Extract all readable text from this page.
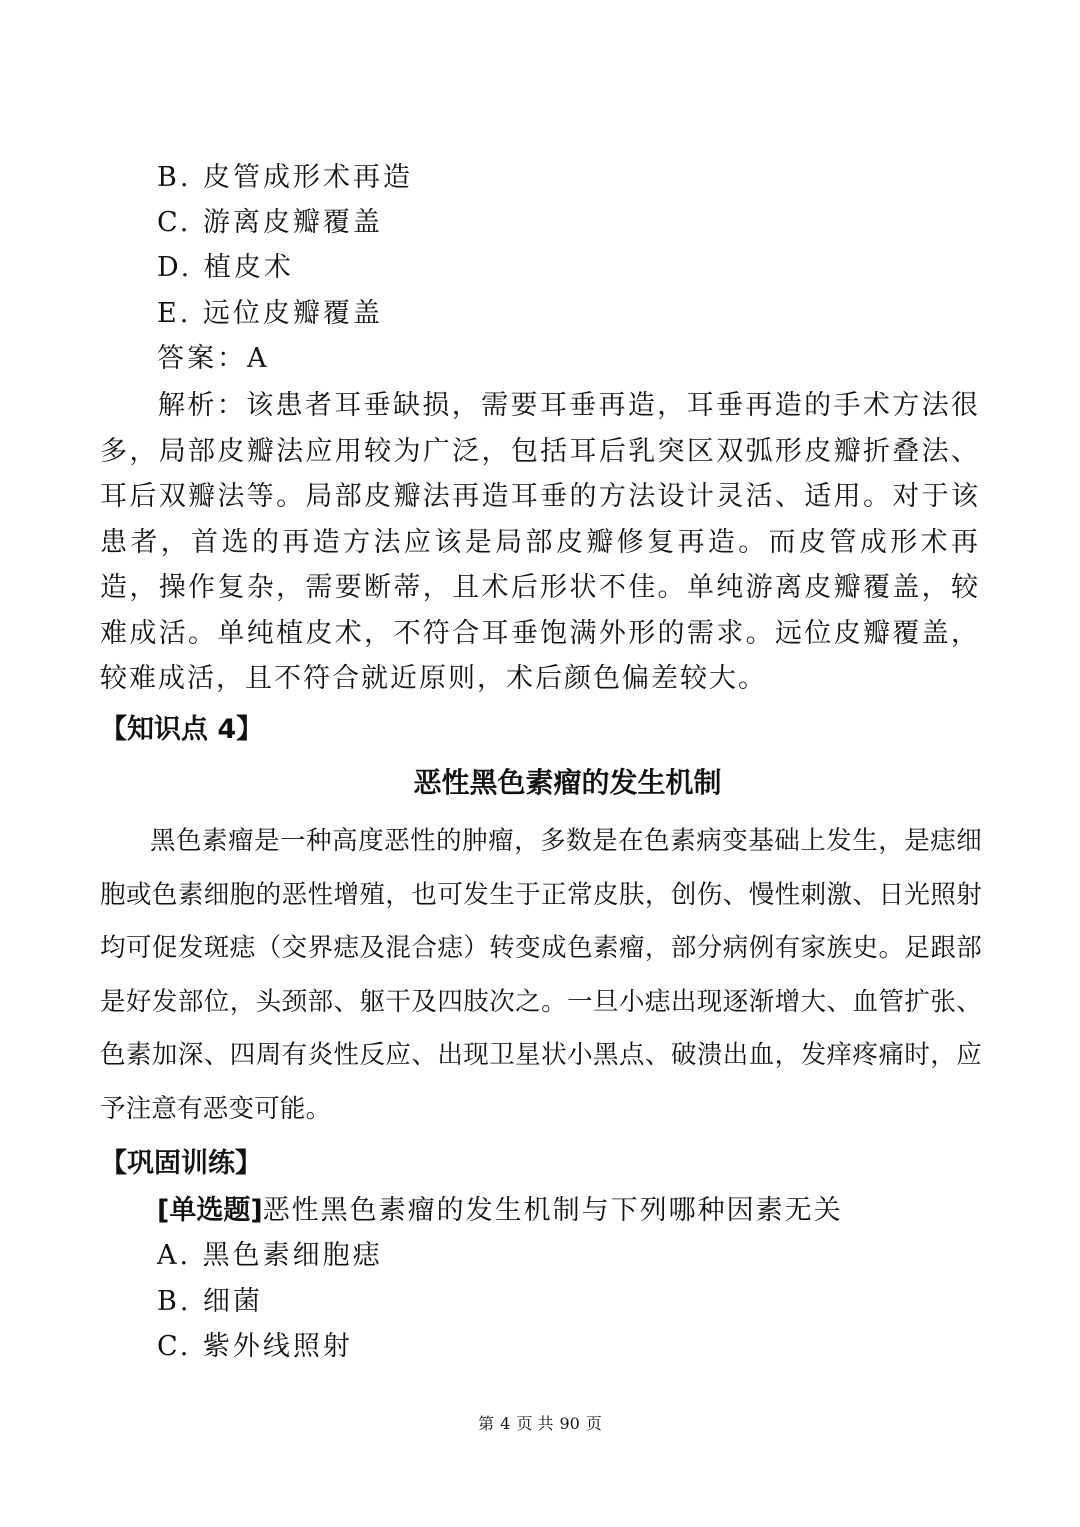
B. 皮管成形术再造
C. 游离皮瓣覆盖
D. 植皮术
E. 远位皮瓣覆盖
答案：A

解析：该患者耳垂缺损，需要耳垂再造，耳垂再造的手术方法很多，局部皮瓣法应用较为广泛，包括耳后乳突区双弧形皮瓣折叠法、耳后双瓣法等。局部皮瓣法再造耳垂的方法设计灵活、适用。对于该患者，首选的再造方法应该是局部皮瓣修复再造。而皮管成形术再造，操作复杂，需要断蒂，且术后形状不佳。单纯游离皮瓣覆盖，较难成活。单纯植皮术，不符合耳垂饱满外形的需求。远位皮瓣覆盖，较难成活，且不符合就近原则，术后颜色偏差较大。

【知识点 4】
恶性黑色素瘤的发生机制

黑色素瘤是一种高度恶性的肿瘤，多数是在色素病变基础上发生，是痣细胞或色素细胞的恶性增殖，也可发生于正常皮肤，创伤、慢性刺激、日光照射均可促发斑痣（交界痣及混合痣）转变成色素瘤，部分病例有家族史。足跟部是好发部位，头颈部、躯干及四肢次之。一旦小痣出现逐渐增大、血管扩张、色素加深、四周有炎性反应、出现卫星状小黑点、破溃出血，发痒疼痛时，应予注意有恶变可能。

【巩固训练】
[单选题]恶性黑色素瘤的发生机制与下列哪种因素无关
A. 黑色素细胞痣
B. 细菌
C. 紫外线照射
第 4 页 共 90 页
